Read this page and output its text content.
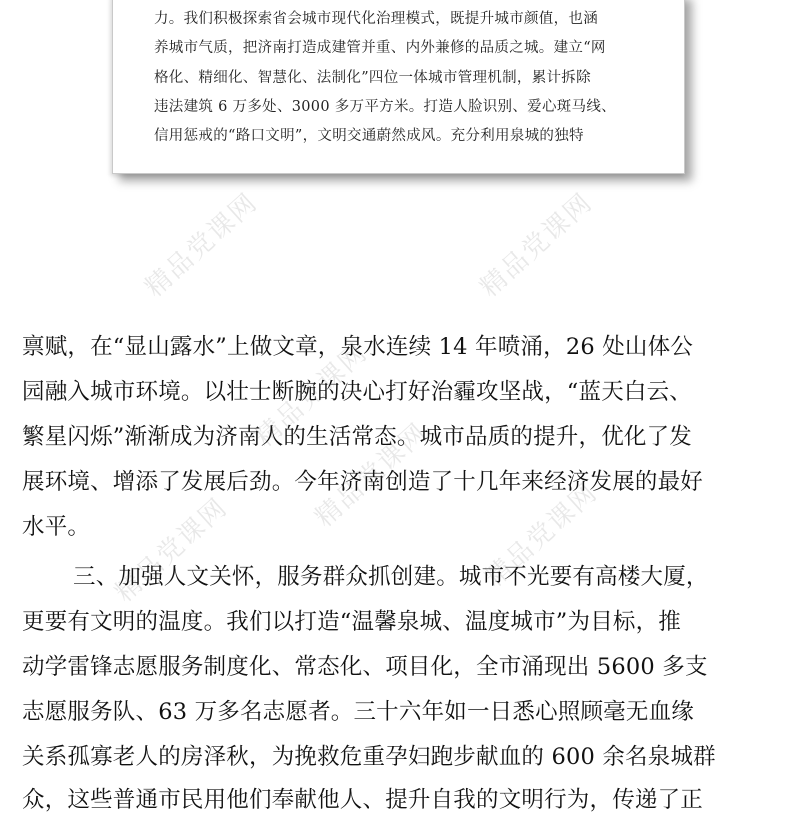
精品党课网	精品党课网
精品党课网
精品党课网
精品党课网
精品党课网
力。我们积极探索省会城市现代化治理模式，既提升城市颜值，也涵
养城市气质，把济南打造成建管并重、内外兼修的品质之城。建立“网
格化、精细化、智慧化、法制化”四位一体城市管理机制，累计拆除
违法建筑 6 万多处、3000 多万平方米。打造人脸识别、爱心斑马线、
信用惩戒的“路口文明”，文明交通蔚然成风。充分利用泉城的独特
禀赋，在“显山露水”上做文章，泉水连续 14 年喷涌，26 处山体公
园融入城市环境。以壮士断腕的决心打好治霾攻坚战，“蓝天白云、
繁星闪烁”渐渐成为济南人的生活常态。城市品质的提升，优化了发
展环境、增添了发展后劲。今年济南创造了十几年来经济发展的最好
水平。
三、加强人文关怀，服务群众抓创建。城市不光要有高楼大厦，
更要有文明的温度。我们以打造“温馨泉城、温度城市”为目标，推
动学雷锋志愿服务制度化、常态化、项目化，全市涌现出 5600 多支
志愿服务队、63 万多名志愿者。三十六年如一日悉心照顾毫无血缘
关系孤寡老人的房泽秋，为挽救危重孕妇跑步献血的 600 余名泉城群
众，这些普通市民用他们奉献他人、提升自我的文明行为，传递了正
